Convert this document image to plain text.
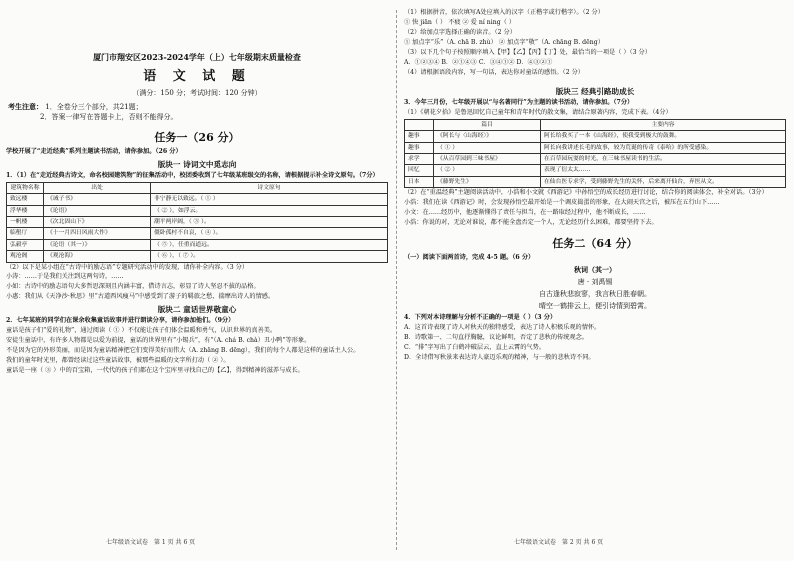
厦门市翔安区2023-2024学年（上）七年级期末质量检查
语 文 试 题
（满分：150 分；考试时间：120 分钟）
考生注意： 1．全卷分三个部分，共21题；
2．答案一律写在答题卡上，否则不能得分。
任务一（26 分）

学校开展了“走近经典”系列主题读书活动，请你参加。（26 分）

版块一 诗词文中觅志向

1．（1）在“走近经典古诗文，命名校园建筑物”的征集活动中，校团委收到了七年级某班级交的名称，请根据提示补全诗文原句。（7分）

建筑物名称	出处	诗文原句
致远楼	《诫子书》	非宁静无以致远。（ ① ）
浮华楼	《论语》	（ ② ），如浮云。
一帆楼	《次北固山下》	潮平两岸阔，（ ③ ）。
临壑厅	《十一月四日风雨大作》	僵卧孤村不自哀，（ ④ ）。
弘毅亭	《论语（其一）》	（ ⑤ ），任重而道远。
观沧阁	《观沧海》	（ ⑥ ），（ ⑦ ）。

（2）以下是某小组在“古诗中的励志语”专题研究活动中的发现，请你补全内容。（3 分）

小涛：……于是我们关注到这两句诗，……

小如：古诗中的励志语句大多哲思深刻且内涵丰富，借诗言志，彰显了诗人坚忍不拔的品格。

小惠：我们从《天净沙·秋思》里“古道西风瘦马”中感受到了游子的羁旅之愁，揣摩出诗人的情感。

版块二 童话世界敬童心

2．七年某班的同学们在课余收集童话故事并进行朗读分享，请你参加他们。（9分）

童话是孩子们“爱的礼物”，通过阅读（ ① ）不仅能让孩子们体会温暖和勇气，认识世界的真善美。

安徒生童话中，有许多人物都是以爱为前提，童话的世界里有“小锡兵”，有“（A. chá B. chà）丑小鸭”等形象。

不是因为它的外形美丽，而是因为童话精神把它们变得美好而伟大（A. zhāng B. dēng），我们的每个人都是这样的童话主人公。

我们的童年时光里，都曾经读过这些童话故事，被那些温暖的文字所打动（ ② ）。

童话是一座（ ③ ）中的百宝箱，一代代的孩子们都在这个宝库里寻找自己的【乙】，得到精神的滋养与成长。

七年级语文试卷　第 1 页 共 6 页

（1）根据拼音，依次填写A处应填入的汉字（正楷字或行楷字）。（2 分）

① 快 jiān（ ） 不疲 ② 爱 ní ning（ ）

（2）给加点字选择正确的读音。（2 分）

① 加点字“乐”（A. chā B. zhù） ② 加点字“敬”（A. chāng B. dēng）

（3）以下几个句子按照顺序填入【甲】【乙】【丙】【丁】处，最恰当的一项是（ ）（3 分）

A．①②③④ B．②①④③ C．③④①② D．④③②①

（4）请根据语段内容，写一句话，表达你对童话的感悟。（2 分）

版块三 经典引路助成长

3．今年三月份，七年级开展以“与名著同行”为主题的读书活动，请你参加。（7分）

（1）《朝花夕拾》是鲁迅回忆自己童年和青年时代的散文集，请结合原著内容，完成下表。（4分）

	篇目	主要内容
趣事	《阿长与〈山海经〉》	阿长给我买了一本《山海经》，使我受到极大的鼓舞。
趣事	（ ① ）	阿长向我讲述长毛的故事，较为荒诞的传奇《泰哈》的所受感染。
求学	《从百草园到三味书屋》	在百草园玩耍的时光，在三味书屋读书的生活。
回忆	（ ② ）	表现了衍太太……
日本	《藤野先生》	在仙台医专求学，受到藤野先生的关怀，后来离开仙台，弃医从文。

（2）在“重温经典”主题阅读活动中，小浩和小文就《西游记》中孙悟空的成长经历进行讨论，结合你的阅读体会，补全对话。（3分）

小浩：我们在读《西游记》时，会发现孙悟空最开始是一个调皮捣蛋的形象，在大闹天宫之后，被压在五行山下……

小文：在……经历中，他逐渐懂得了责任与担当，在一路取经过程中，他不断成长，……

小浩：你说的对，无论对谁说，都不能全盘否定一个人，无论经历什么困难，都要坚持下去。

任务二（64 分）

（一）阅读下面两首诗，完成 4-5 题。（6 分）

秋词（其一）
唐 · 刘禹锡
自古逢秋悲寂寥，我言秋日胜春朝。
晴空一鹤排云上，便引诗情到碧霄。

4．下列对本诗理解与分析不正确的一项是（ ）（3 分）

A．这首诗表现了诗人对秋天的独特感受，表达了诗人积极乐观的情怀。

B．诗歌第一、二句直抒胸臆，议论鲜明，否定了悲秋的传统观念。

C．“排”字写出了白鹤冲破层云，直上云霄的气势。

D．全诗借写秋景来表达诗人豪迈乐观的精神，与一般的悲秋诗不同。

七年级语文试卷　第 2 页 共 6 页
